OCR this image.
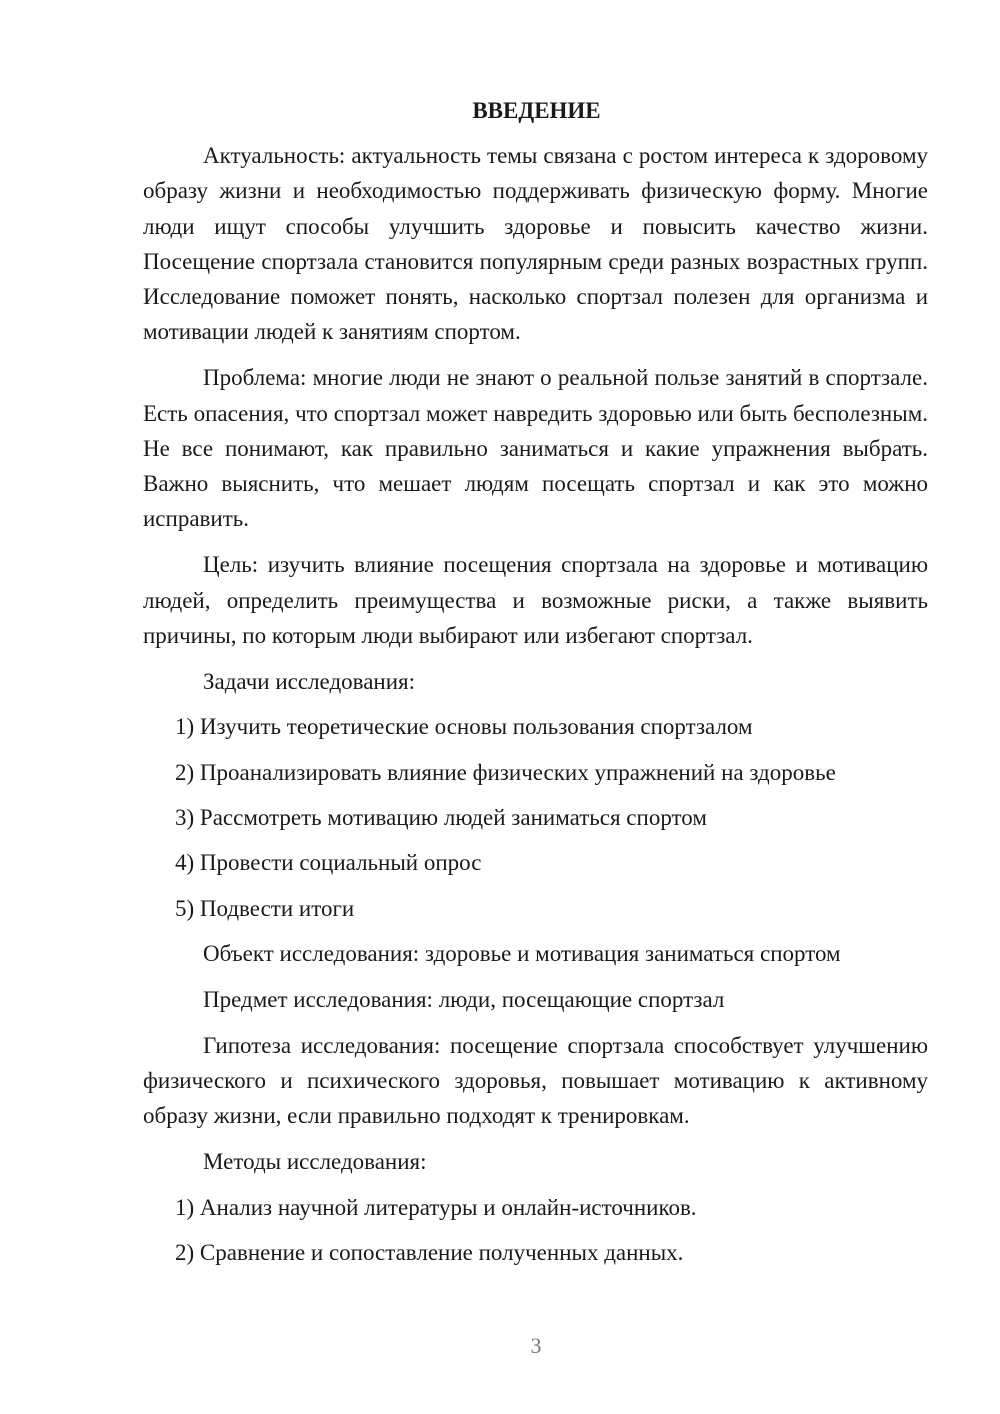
ВВЕДЕНИЕ

Актуальность: актуальность темы связана с ростом интереса к здоровому образу жизни и необходимостью поддерживать физическую форму. Многие люди ищут способы улучшить здоровье и повысить качество жизни. Посещение спортзала становится популярным среди разных возрастных групп. Исследование поможет понять, насколько спортзал полезен для организма и мотивации людей к занятиям спортом.

Проблема: многие люди не знают о реальной пользе занятий в спортзале. Есть опасения, что спортзал может навредить здоровью или быть бесполезным. Не все понимают, как правильно заниматься и какие упражнения выбрать. Важно выяснить, что мешает людям посещать спортзал и как это можно исправить.

Цель: изучить влияние посещения спортзала на здоровье и мотивацию людей, определить преимущества и возможные риски, а также выявить причины, по которым люди выбирают или избегают спортзал.

Задачи исследования:

1) Изучить теоретические основы пользования спортзалом
2) Проанализировать влияние физических упражнений на здоровье
3) Рассмотреть мотивацию людей заниматься спортом
4) Провести социальный опрос
5) Подвести итоги

Объект исследования: здоровье и мотивация заниматься спортом

Предмет исследования: люди, посещающие спортзал

Гипотеза исследования: посещение спортзала способствует улучшению физического и психического здоровья, повышает мотивацию к активному образу жизни, если правильно подходят к тренировкам.

Методы исследования:

1) Анализ научной литературы и онлайн-источников.
2) Сравнение и сопоставление полученных данных.
3
